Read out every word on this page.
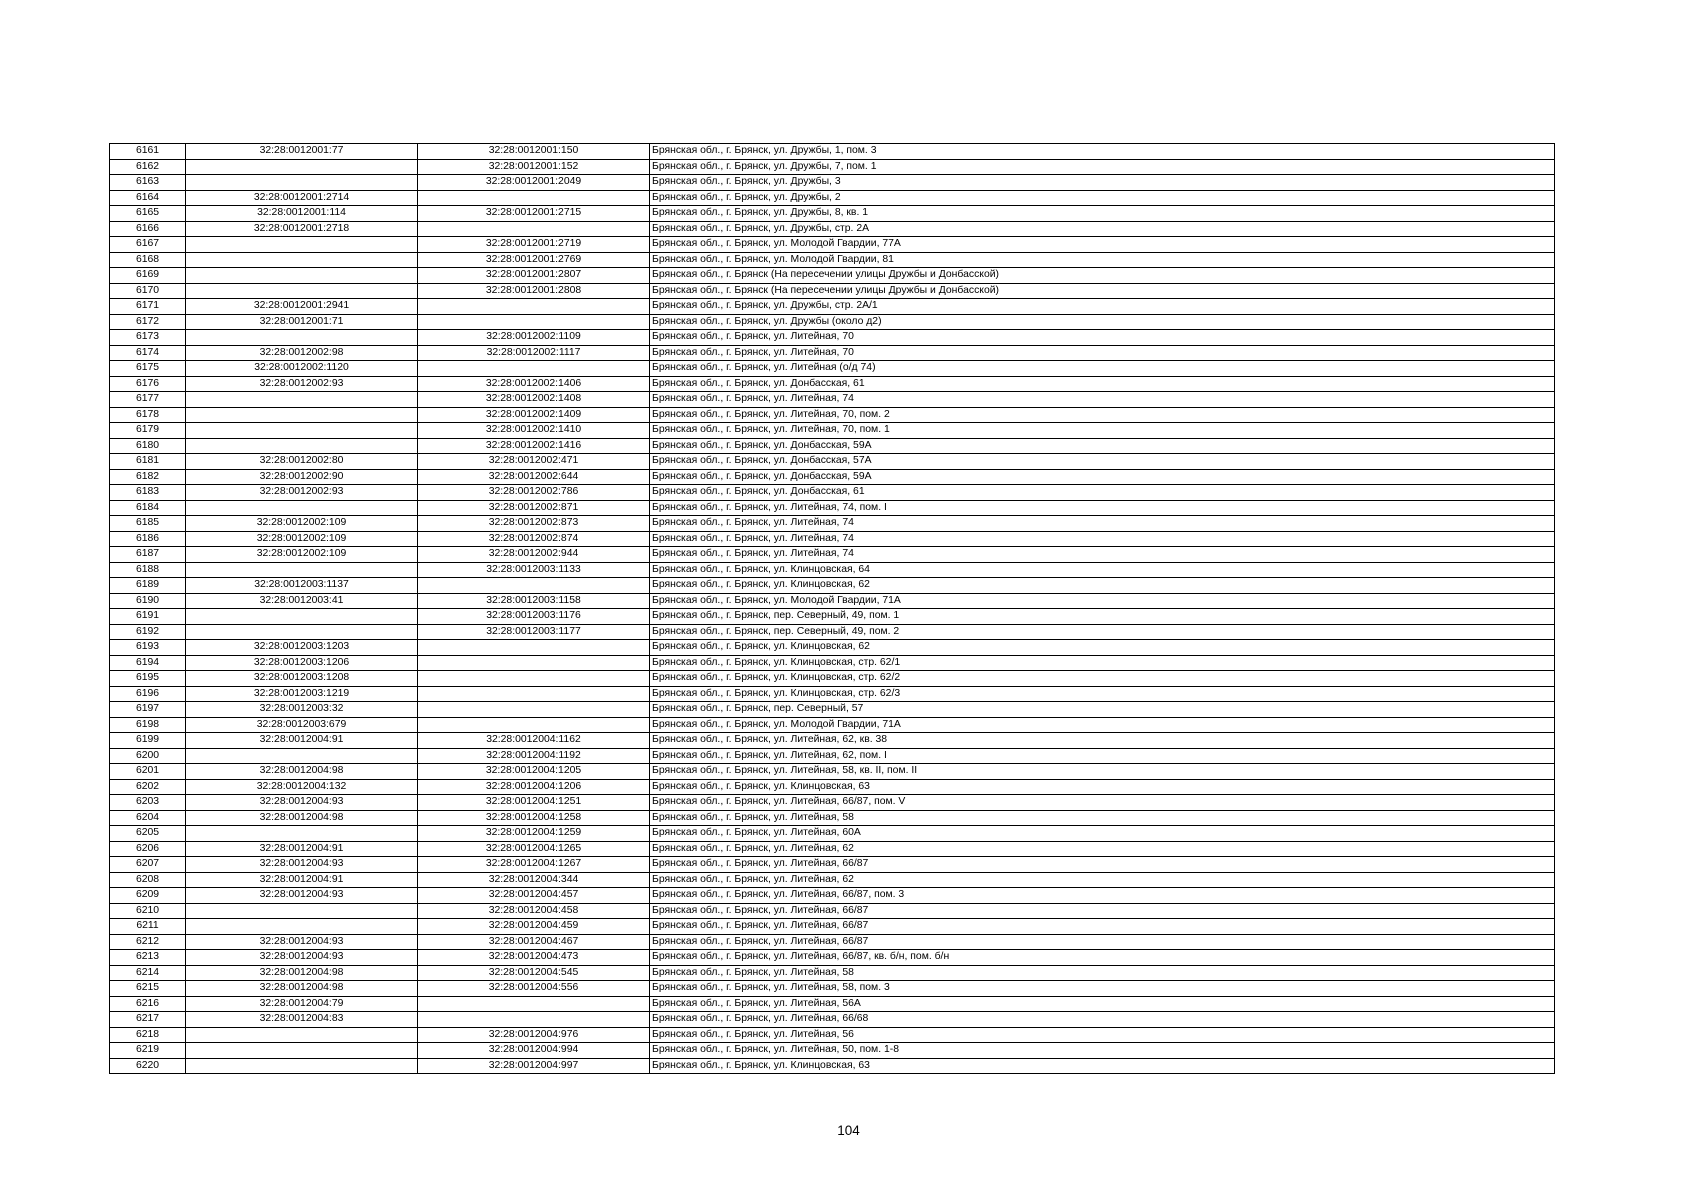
6161	32:28:0012001:77	32:28:0012001:150	Брянская обл., г. Брянск, ул. Дружбы, 1, пом. 3
6162		32:28:0012001:152	Брянская обл., г. Брянск, ул. Дружбы, 7, пом. 1
6163		32:28:0012001:2049	Брянская обл., г. Брянск, ул. Дружбы, 3
6164	32:28:0012001:2714		Брянская обл., г. Брянск, ул. Дружбы, 2
6165	32:28:0012001:114	32:28:0012001:2715	Брянская обл., г. Брянск, ул. Дружбы, 8, кв. 1
6166	32:28:0012001:2718		Брянская обл., г. Брянск, ул. Дружбы, стр. 2А
6167		32:28:0012001:2719	Брянская обл., г. Брянск, ул. Молодой Гвардии, 77А
6168		32:28:0012001:2769	Брянская обл., г. Брянск, ул. Молодой Гвардии, 81
6169		32:28:0012001:2807	Брянская обл., г. Брянск (На пересечении улицы Дружбы и Донбасской)
6170		32:28:0012001:2808	Брянская обл., г. Брянск (На пересечении улицы Дружбы и Донбасской)
6171	32:28:0012001:2941		Брянская обл., г. Брянск, ул. Дружбы, стр. 2А/1
6172	32:28:0012001:71		Брянская обл., г. Брянск, ул. Дружбы (около д2)
6173		32:28:0012002:1109	Брянская обл., г. Брянск, ул. Литейная, 70
6174	32:28:0012002:98	32:28:0012002:1117	Брянская обл., г. Брянск, ул. Литейная, 70
6175	32:28:0012002:1120		Брянская обл., г. Брянск, ул. Литейная (о/д 74)
6176	32:28:0012002:93	32:28:0012002:1406	Брянская обл., г. Брянск, ул. Донбасская, 61
6177		32:28:0012002:1408	Брянская обл., г. Брянск, ул. Литейная, 74
6178		32:28:0012002:1409	Брянская обл., г. Брянск, ул. Литейная, 70, пом. 2
6179		32:28:0012002:1410	Брянская обл., г. Брянск, ул. Литейная, 70, пом. 1
6180		32:28:0012002:1416	Брянская обл., г. Брянск, ул. Донбасская, 59А
6181	32:28:0012002:80	32:28:0012002:471	Брянская обл., г. Брянск, ул. Донбасская, 57А
6182	32:28:0012002:90	32:28:0012002:644	Брянская обл., г. Брянск, ул. Донбасская, 59А
6183	32:28:0012002:93	32:28:0012002:786	Брянская обл., г. Брянск, ул. Донбасская, 61
6184		32:28:0012002:871	Брянская обл., г. Брянск, ул. Литейная, 74, пом. I
6185	32:28:0012002:109	32:28:0012002:873	Брянская обл., г. Брянск, ул. Литейная, 74
6186	32:28:0012002:109	32:28:0012002:874	Брянская обл., г. Брянск, ул. Литейная, 74
6187	32:28:0012002:109	32:28:0012002:944	Брянская обл., г. Брянск, ул. Литейная, 74
6188		32:28:0012003:1133	Брянская обл., г. Брянск, ул. Клинцовская, 64
6189	32:28:0012003:1137		Брянская обл., г. Брянск, ул. Клинцовская, 62
6190	32:28:0012003:41	32:28:0012003:1158	Брянская обл., г. Брянск, ул. Молодой Гвардии, 71А
6191		32:28:0012003:1176	Брянская обл., г. Брянск, пер. Северный, 49, пом. 1
6192		32:28:0012003:1177	Брянская обл., г. Брянск, пер. Северный, 49, пом. 2
6193	32:28:0012003:1203		Брянская обл., г. Брянск, ул. Клинцовская, 62
6194	32:28:0012003:1206		Брянская обл., г. Брянск, ул. Клинцовская, стр. 62/1
6195	32:28:0012003:1208		Брянская обл., г. Брянск, ул. Клинцовская, стр. 62/2
6196	32:28:0012003:1219		Брянская обл., г. Брянск, ул. Клинцовская, стр. 62/3
6197	32:28:0012003:32		Брянская обл., г. Брянск, пер. Северный, 57
6198	32:28:0012003:679		Брянская обл., г. Брянск, ул. Молодой Гвардии, 71А
6199	32:28:0012004:91	32:28:0012004:1162	Брянская обл., г. Брянск, ул. Литейная, 62, кв. 38
6200		32:28:0012004:1192	Брянская обл., г. Брянск, ул. Литейная, 62, пом. I
6201	32:28:0012004:98	32:28:0012004:1205	Брянская обл., г. Брянск, ул. Литейная, 58, кв. II, пом. II
6202	32:28:0012004:132	32:28:0012004:1206	Брянская обл., г. Брянск, ул. Клинцовская, 63
6203	32:28:0012004:93	32:28:0012004:1251	Брянская обл., г. Брянск, ул. Литейная, 66/87, пом. V
6204	32:28:0012004:98	32:28:0012004:1258	Брянская обл., г. Брянск, ул. Литейная, 58
6205		32:28:0012004:1259	Брянская обл., г. Брянск, ул. Литейная, 60А
6206	32:28:0012004:91	32:28:0012004:1265	Брянская обл., г. Брянск, ул. Литейная, 62
6207	32:28:0012004:93	32:28:0012004:1267	Брянская обл., г. Брянск, ул. Литейная, 66/87
6208	32:28:0012004:91	32:28:0012004:344	Брянская обл., г. Брянск, ул. Литейная, 62
6209	32:28:0012004:93	32:28:0012004:457	Брянская обл., г. Брянск, ул. Литейная, 66/87, пом. 3
6210		32:28:0012004:458	Брянская обл., г. Брянск, ул. Литейная, 66/87
6211		32:28:0012004:459	Брянская обл., г. Брянск, ул. Литейная, 66/87
6212	32:28:0012004:93	32:28:0012004:467	Брянская обл., г. Брянск, ул. Литейная, 66/87
6213	32:28:0012004:93	32:28:0012004:473	Брянская обл., г. Брянск, ул. Литейная, 66/87, кв. б/н, пом. б/н
6214	32:28:0012004:98	32:28:0012004:545	Брянская обл., г. Брянск, ул. Литейная, 58
6215	32:28:0012004:98	32:28:0012004:556	Брянская обл., г. Брянск, ул. Литейная, 58, пом. 3
6216	32:28:0012004:79		Брянская обл., г. Брянск, ул. Литейная, 56А
6217	32:28:0012004:83		Брянская обл., г. Брянск, ул. Литейная, 66/68
6218		32:28:0012004:976	Брянская обл., г. Брянск, ул. Литейная, 56
6219		32:28:0012004:994	Брянская обл., г. Брянск, ул. Литейная, 50, пом. 1-8
6220		32:28:0012004:997	Брянская обл., г. Брянск, ул. Клинцовская, 63
104
